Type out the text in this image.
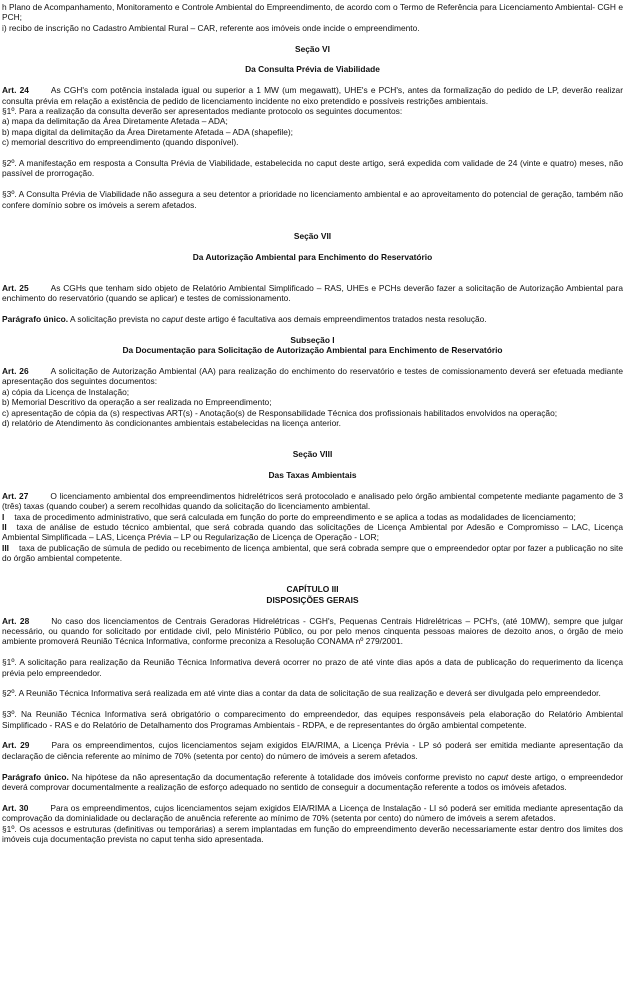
h Plano de Acompanhamento, Monitoramento e Controle Ambiental do Empreendimento, de acordo com o Termo de Referência para Licenciamento Ambiental- CGH e PCH;

i) recibo de inscrição no Cadastro Ambiental Rural – CAR, referente aos imóveis onde incide o empreendimento.

Seção VI

Da Consulta Prévia de Viabilidade

Art. 24	As CGH's com potência instalada igual ou superior a 1 MW (um megawatt), UHE's e PCH's, antes da formalização do pedido de LP, deverão realizar consulta prévia em relação a existência de pedido de licenciamento incidente no eixo pretendido e possíveis restrições ambientais.

§1º. Para a realização da consulta deverão ser apresentados mediante protocolo os seguintes documentos:

a) mapa da delimitação da Área Diretamente Afetada – ADA;

b) mapa digital da delimitação da Área Diretamente Afetada – ADA (shapefile);

c) memorial descritivo do empreendimento (quando disponível).

§2º. A manifestação em resposta a Consulta Prévia de Viabilidade, estabelecida no caput deste artigo, será expedida com validade de 24 (vinte e quatro) meses, não passível de prorrogação.

§3º. A Consulta Prévia de Viabilidade não assegura a seu detentor a prioridade no licenciamento ambiental e ao aproveitamento do potencial de geração, também não confere domínio sobre os imóveis a serem afetados.

Seção VII

Da Autorização Ambiental para Enchimento do Reservatório

Art. 25	As CGHs que tenham sido objeto de Relatório Ambiental Simplificado – RAS, UHEs e PCHs deverão fazer a solicitação de Autorização Ambiental para enchimento do reservatório (quando se aplicar) e testes de comissionamento.

Parágrafo único. A solicitação prevista no caput deste artigo é facultativa aos demais empreendimentos tratados nesta resolução.

Subseção I

Da Documentação para Solicitação de Autorização Ambiental para Enchimento de Reservatório

Art. 26	A solicitação de Autorização Ambiental (AA) para realização do enchimento do reservatório e testes de comissionamento deverá ser efetuada mediante apresentação dos seguintes documentos:

a) cópia da Licença de Instalação;

b) Memorial Descritivo da operação a ser realizada no Empreendimento;

c) apresentação de cópia da (s) respectivas ART(s) - Anotação(s) de Responsabilidade Técnica dos profissionais habilitados envolvidos na operação;

d) relatório de Atendimento às condicionantes ambientais estabelecidas na licença anterior.

Seção VIII

Das Taxas Ambientais

Art. 27	O licenciamento ambiental dos empreendimentos hidrelétricos será protocolado e analisado pelo órgão ambiental competente mediante pagamento de 3 (três) taxas (quando couber) a serem recolhidas quando da solicitação do licenciamento ambiental.

I taxa de procedimento administrativo, que será calculada em função do porte do empreendimento e se aplica a todas as modalidades de licenciamento;

II taxa de análise de estudo técnico ambiental, que será cobrada quando das solicitações de Licença Ambiental por Adesão e Compromisso – LAC, Licença Ambiental Simplificada – LAS, Licença Prévia – LP ou Regularização de Licença de Operação - LOR;

III taxa de publicação de súmula de pedido ou recebimento de licença ambiental, que será cobrada sempre que o empreendedor optar por fazer a publicação no site do órgão ambiental competente.

CAPÍTULO III

DISPOSIÇÕES GERAIS

Art. 28	No caso dos licenciamentos de Centrais Geradoras Hidrelétricas - CGH's, Pequenas Centrais Hidrelétricas – PCH's, (até 10MW), sempre que julgar necessário, ou quando for solicitado por entidade civil, pelo Ministério Público, ou por pelo menos cinquenta pessoas maiores de dezoito anos, o órgão de meio ambiente promoverá Reunião Técnica Informativa, conforme preconiza a Resolução CONAMA nº 279/2001.

§1º. A solicitação para realização da Reunião Técnica Informativa deverá ocorrer no prazo de até vinte dias após a data de publicação do requerimento da licença prévia pelo empreendedor.

§2º. A Reunião Técnica Informativa será realizada em até vinte dias a contar da data de solicitação de sua realização e deverá ser divulgada pelo empreendedor.

§3º. Na Reunião Técnica Informativa será obrigatório o comparecimento do empreendedor, das equipes responsáveis pela elaboração do Relatório Ambiental Simplificado - RAS e do Relatório de Detalhamento dos Programas Ambientais - RDPA, e de representantes do órgão ambiental competente.

Art. 29	Para os empreendimentos, cujos licenciamentos sejam exigidos EIA/RIMA, a Licença Prévia - LP só poderá ser emitida mediante apresentação da declaração de ciência referente ao mínimo de 70% (setenta por cento) do número de imóveis a serem afetados.

Parágrafo único. Na hipótese da não apresentação da documentação referente à totalidade dos imóveis conforme previsto no caput deste artigo, o empreendedor deverá comprovar documentalmente a realização de esforço adequado no sentido de conseguir a documentação referente a todos os imóveis afetados.

Art. 30	Para os empreendimentos, cujos licenciamentos sejam exigidos EIA/RIMA a Licença de Instalação - LI só poderá ser emitida mediante apresentação da comprovação da dominialidade ou declaração de anuência referente ao mínimo de 70% (setenta por cento) do número de imóveis a serem afetados.

§1º. Os acessos e estruturas (definitivas ou temporárias) a serem implantadas em função do empreendimento deverão necessariamente estar dentro dos limites dos imóveis cuja documentação prevista no caput tenha sido apresentada.
